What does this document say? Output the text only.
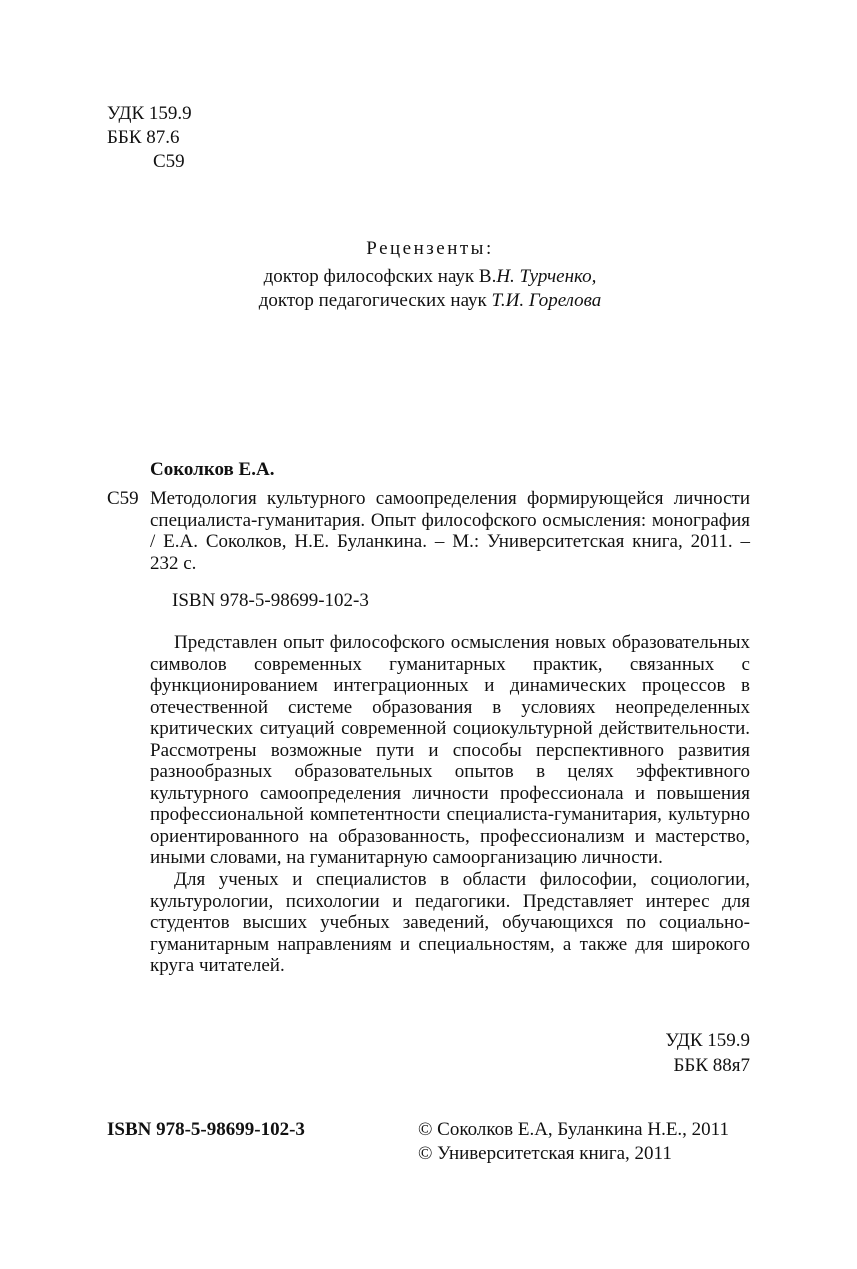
УДК 159.9
ББК 87.6
С59
Рецензенты:
доктор философских наук В.Н. Турченко,
доктор педагогических наук Т.И. Горелова
Соколков Е.А.
С59 Методология культурного самоопределения формирующейся личности специалиста-гуманитария. Опыт философского осмысления: монография / Е.А. Соколков, Н.Е. Буланкина. – М.: Университетская книга, 2011. – 232 с.
ISBN 978-5-98699-102-3
Представлен опыт философского осмысления новых образовательных символов современных гуманитарных практик, связанных с функционированием интеграционных и динамических процессов в отечественной системе образования в условиях неопределенных критических ситуаций современной социокультурной действительности. Рассмотрены возможные пути и способы перспективного развития разнообразных образовательных опытов в целях эффективного культурного самоопределения личности профессионала и повышения профессиональной компетентности специалиста-гуманитария, культурно ориентированного на образованность, профессионализм и мастерство, иными словами, на гуманитарную самоорганизацию личности.
Для ученых и специалистов в области философии, социологии, культурологии, психологии и педагогики. Представляет интерес для студентов высших учебных заведений, обучающихся по социально-гуманитарным направлениям и специальностям, а также для широкого круга читателей.
УДК 159.9
ББК 88я7
ISBN 978-5-98699-102-3	© Соколков Е.А, Буланкина Н.Е., 2011
© Университетская книга, 2011
